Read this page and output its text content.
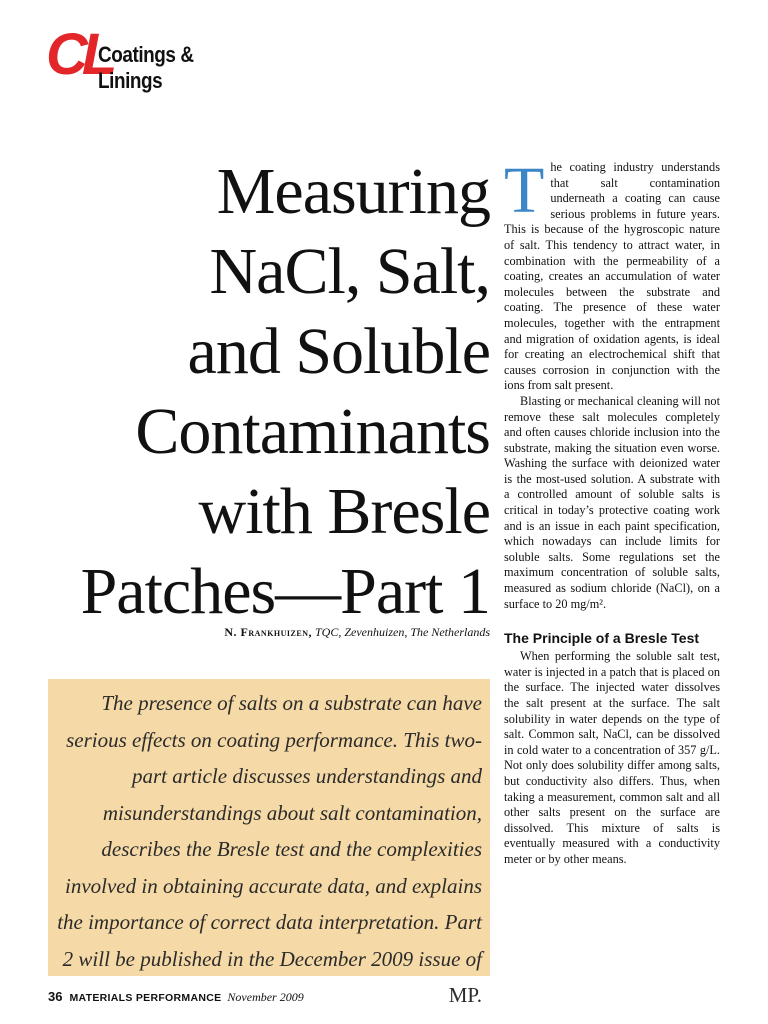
CL
Coatings & Linings
Measuring
NaCl, Salt,
and Soluble
Contaminants
with Bresle
Patches—Part 1
N. Frankhuizen, TQC, Zevenhuizen, The Netherlands

The presence of salts on a substrate can have serious effects on coating performance. This two-part article discusses understandings and misunderstandings about salt contamination, describes the Bresle test and the complexities involved in obtaining accurate data, and explains the importance of correct data interpretation. Part 2 will be published in the December 2009 issue of MP.

The coating industry understands that salt contamination underneath a coating can cause serious problems in future years. This is because of the hygroscopic nature of salt. This tendency to attract water, in combination with the permeability of a coating, creates an accumulation of water molecules between the substrate and coating. The presence of these water molecules, together with the entrapment and migration of oxidation agents, is ideal for creating an electrochemical shift that causes corrosion in conjunction with the ions from salt present.

Blasting or mechanical cleaning will not remove these salt molecules completely and often causes chloride inclusion into the substrate, making the situation even worse. Washing the surface with deionized water is the most-used solution. A substrate with a controlled amount of soluble salts is critical in today’s protective coating work and is an issue in each paint specification, which nowadays can include limits for soluble salts. Some regulations set the maximum concentration of soluble salts, measured as sodium chloride (NaCl), on a surface to 20 mg/m².

The Principle of a Bresle Test

When performing the soluble salt test, water is injected in a patch that is placed on the surface. The injected water dissolves the salt present at the surface. The salt solubility in water depends on the type of salt. Common salt, NaCl, can be dissolved in cold water to a concentration of 357 g/L. Not only does solubility differ among salts, but conductivity also differs. Thus, when taking a measurement, common salt and all other salts present on the surface are dissolved. This mixture of salts is eventually measured with a conductivity meter or by other means.

36 MATERIALS PERFORMANCE November 2009
